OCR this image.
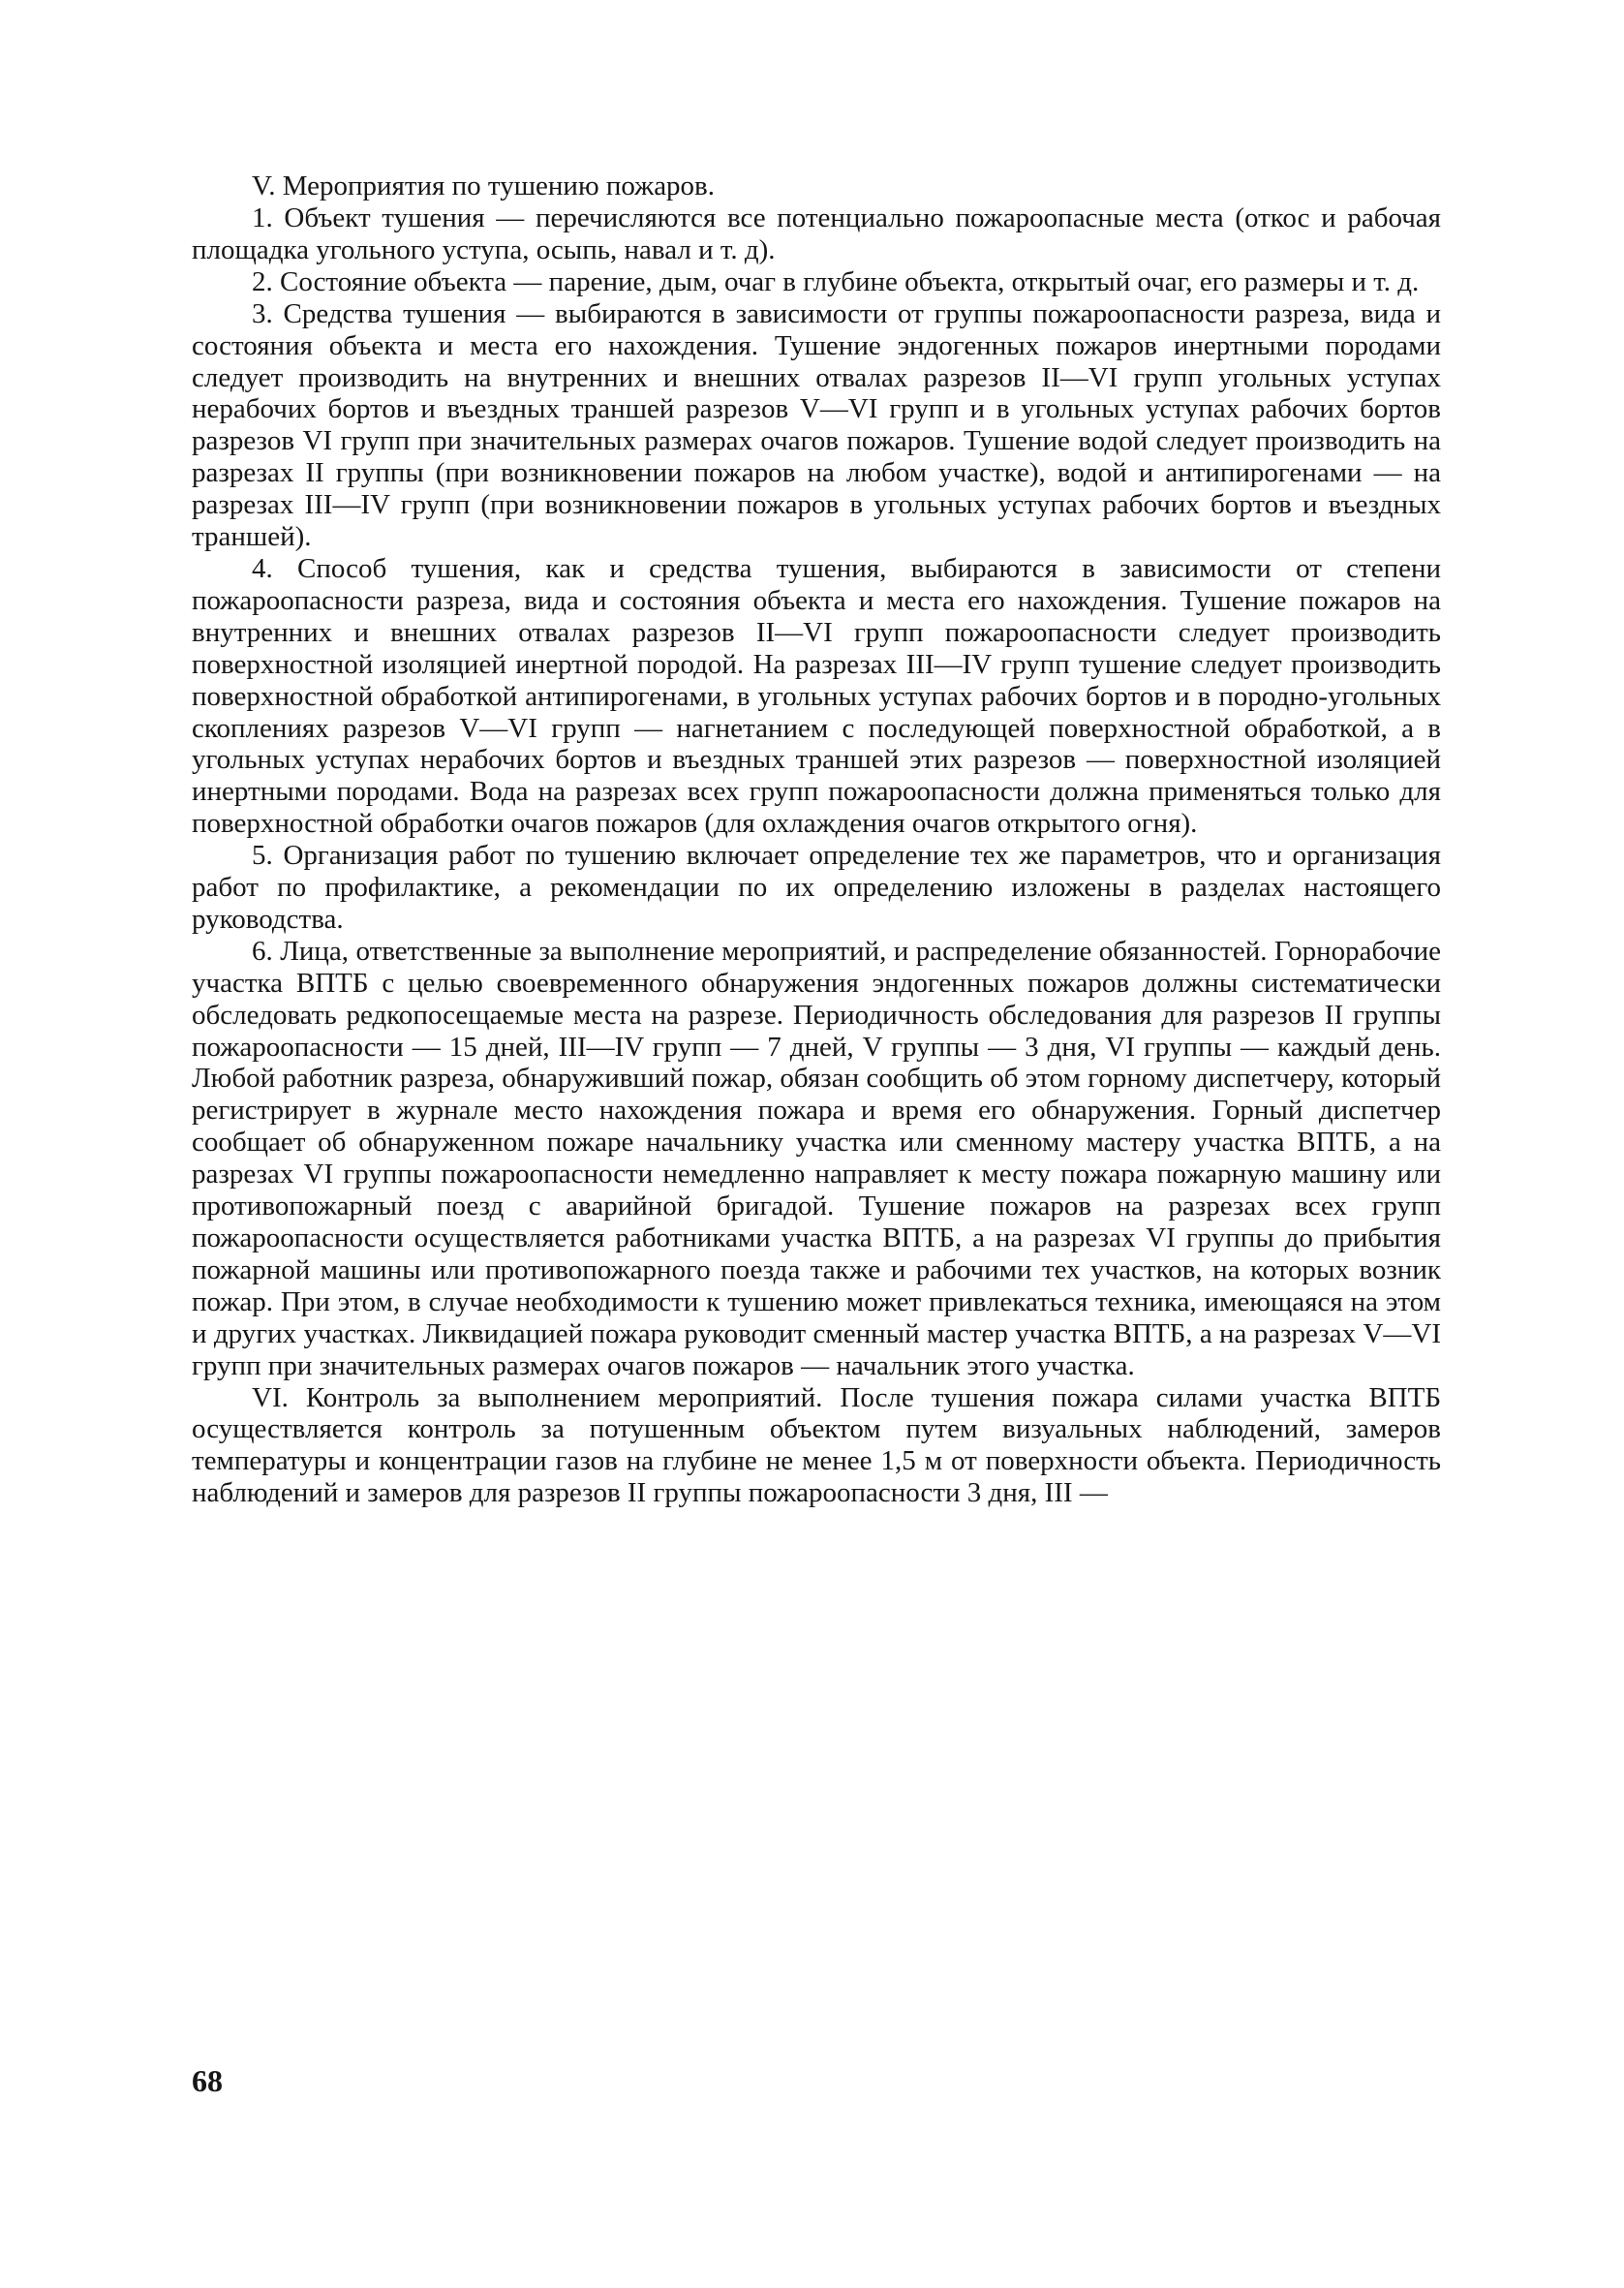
V. Мероприятия по тушению пожаров.

1. Объект тушения — перечисляются все потенциально пожароопасные места (откос и рабочая площадка угольного уступа, осыпь, навал и т. д).

2. Состояние объекта — парение, дым, очаг в глубине объекта, открытый очаг, его размеры и т. д.

3. Средства тушения — выбираются в зависимости от группы пожароопасности разреза, вида и состояния объекта и места его нахождения. Тушение эндогенных пожаров инертными породами следует производить на внутренних и внешних отвалах разрезов II—VI групп угольных уступах нерабочих бортов и въездных траншей разрезов V—VI групп и в угольных уступах рабочих бортов разрезов VI групп при значительных размерах очагов пожаров. Тушение водой следует производить на разрезах II группы (при возникновении пожаров на любом участке), водой и антипирогенами — на разрезах III—IV групп (при возникновении пожаров в угольных уступах рабочих бортов и въездных траншей).

4. Способ тушения, как и средства тушения, выбираются в зависимости от степени пожароопасности разреза, вида и состояния объекта и места его нахождения. Тушение пожаров на внутренних и внешних отвалах разрезов II—VI групп пожароопасности следует производить поверхностной изоляцией инертной породой. На разрезах III—IV групп тушение следует производить поверхностной обработкой антипирогенами, в угольных уступах рабочих бортов и в породно-угольных скоплениях разрезов V—VI групп — нагнетанием с последующей поверхностной обработкой, а в угольных уступах нерабочих бортов и въездных траншей этих разрезов — поверхностной изоляцией инертными породами. Вода на разрезах всех групп пожароопасности должна применяться только для поверхностной обработки очагов пожаров (для охлаждения очагов открытого огня).

5. Организация работ по тушению включает определение тех же параметров, что и организация работ по профилактике, а рекомендации по их определению изложены в разделах настоящего руководства.

6. Лица, ответственные за выполнение мероприятий, и распределение обязанностей. Горнорабочие участка ВПТБ с целью своевременного обнаружения эндогенных пожаров должны систематически обследовать редкопосещаемые места на разрезе. Периодичность обследования для разрезов II группы пожароопасности — 15 дней, III—IV групп — 7 дней, V группы — 3 дня, VI группы — каждый день. Любой работник разреза, обнаруживший пожар, обязан сообщить об этом горному диспетчеру, который регистрирует в журнале место нахождения пожара и время его обнаружения. Горный диспетчер сообщает об обнаруженном пожаре начальнику участка или сменному мастеру участка ВПТБ, а на разрезах VI группы пожароопасности немедленно направляет к месту пожара пожарную машину или противопожарный поезд с аварийной бригадой. Тушение пожаров на разрезах всех групп пожароопасности осуществляется работниками участка ВПТБ, а на разрезах VI группы до прибытия пожарной машины или противопожарного поезда также и рабочими тех участков, на которых возник пожар. При этом, в случае необходимости к тушению может привлекаться техника, имеющаяся на этом и других участках. Ликвидацией пожара руководит сменный мастер участка ВПТБ, а на разрезах V—VI групп при значительных размерах очагов пожаров — начальник этого участка.

VI. Контроль за выполнением мероприятий. После тушения пожара силами участка ВПТБ осуществляется контроль за потушенным объектом путем визуальных наблюдений, замеров температуры и концентрации газов на глубине не менее 1,5 м от поверхности объекта. Периодичность наблюдений и замеров для разрезов II группы пожароопасности 3 дня, III —

68
